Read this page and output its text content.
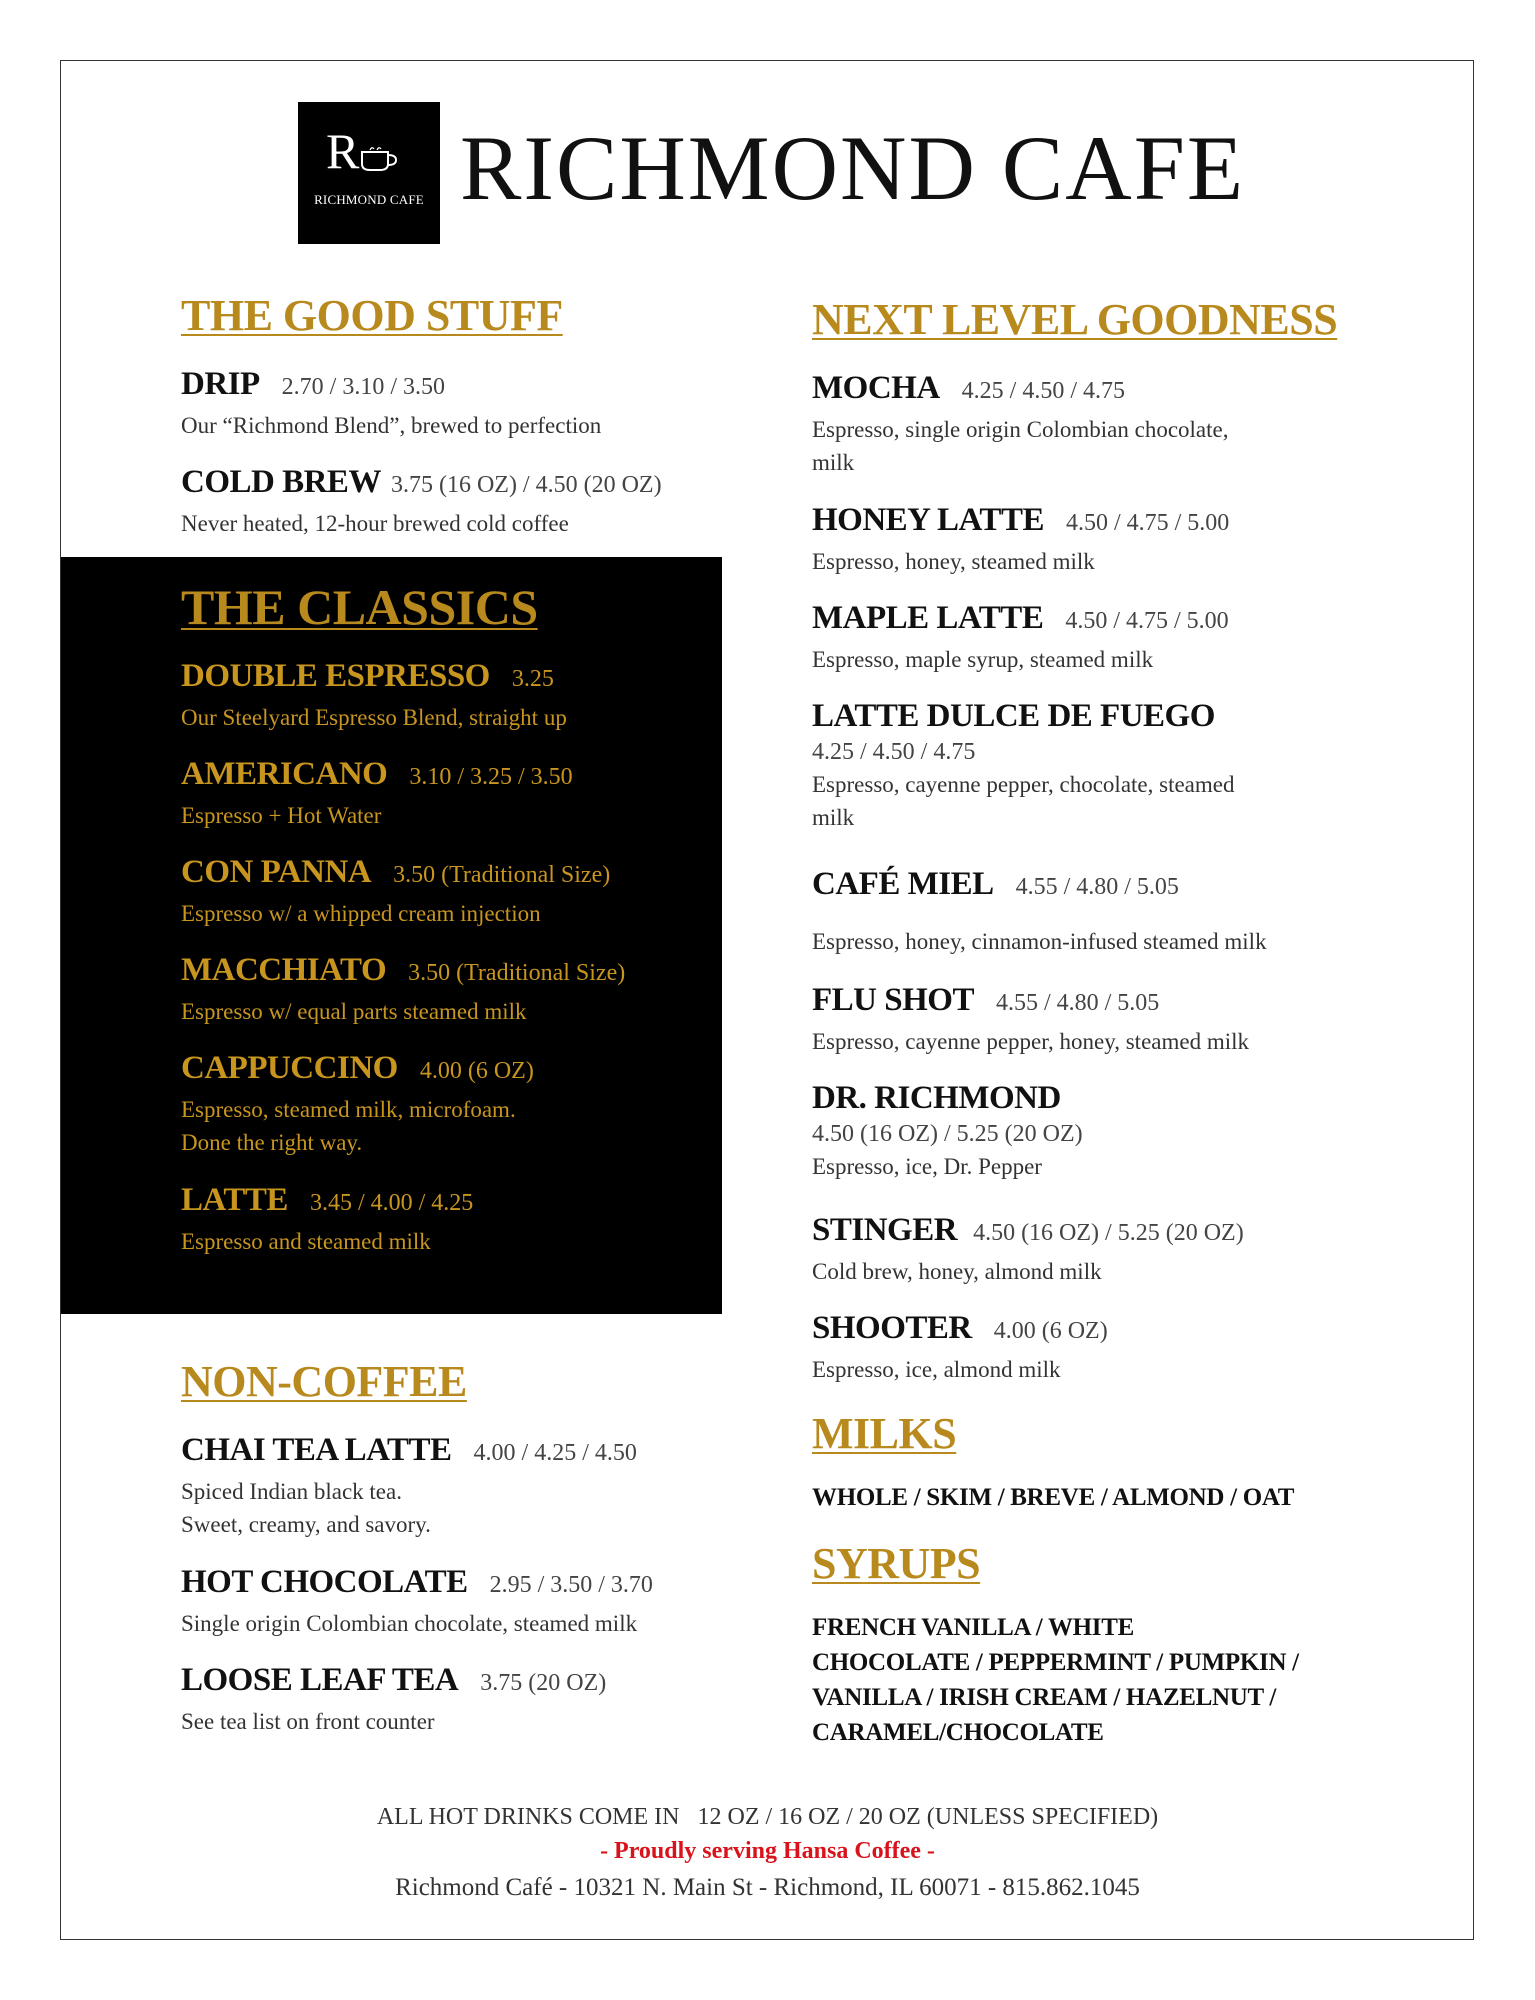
R
RICHMOND CAFE RICHMOND CAFE
THE GOOD STUFF
DRIP 2.70 / 3.10 / 3.50
Our “Richmond Blend”, brewed to perfection
COLD BREW 3.75 (16 OZ) / 4.50 (20 OZ)
Never heated, 12-hour brewed cold coffee
THE CLASSICS
DOUBLE ESPRESSO 3.25
Our Steelyard Espresso Blend, straight up
AMERICANO 3.10 / 3.25 / 3.50
Espresso + Hot Water
CON PANNA 3.50 (Traditional Size)
Espresso w/ a whipped cream injection
MACCHIATO 3.50 (Traditional Size)
Espresso w/ equal parts steamed milk
CAPPUCCINO 4.00 (6 OZ)
Espresso, steamed milk, microfoam.
Done the right way.
LATTE 3.45 / 4.00 / 4.25
Espresso and steamed milk
NON-COFFEE
CHAI TEA LATTE 4.00 / 4.25 / 4.50
Spiced Indian black tea.
Sweet, creamy, and savory.
HOT CHOCOLATE 2.95 / 3.50 / 3.70
Single origin Colombian chocolate, steamed milk
LOOSE LEAF TEA 3.75 (20 OZ)
See tea list on front counter
NEXT LEVEL GOODNESS
MOCHA 4.25 / 4.50 / 4.75
Espresso, single origin Colombian chocolate,
milk
HONEY LATTE 4.50 / 4.75 / 5.00
Espresso, honey, steamed milk
MAPLE LATTE 4.50 / 4.75 / 5.00
Espresso, maple syrup, steamed milk
LATTE DULCE DE FUEGO
4.25 / 4.50 / 4.75
Espresso, cayenne pepper, chocolate, steamed
milk
CAFÉ MIEL 4.55 / 4.80 / 5.05
Espresso, honey, cinnamon-infused steamed milk
FLU SHOT 4.55 / 4.80 / 5.05
Espresso, cayenne pepper, honey, steamed milk
DR. RICHMOND
4.50 (16 OZ) / 5.25 (20 OZ)
Espresso, ice, Dr. Pepper
STINGER 4.50 (16 OZ) / 5.25 (20 OZ)
Cold brew, honey, almond milk
SHOOTER 4.00 (6 OZ)
Espresso, ice, almond milk
MILKS
WHOLE / SKIM / BREVE / ALMOND / OAT
SYRUPS
FRENCH VANILLA / WHITE
CHOCOLATE / PEPPERMINT / PUMPKIN /
VANILLA / IRISH CREAM / HAZELNUT /
CARAMEL/CHOCOLATE
ALL HOT DRINKS COME IN   12 OZ / 16 OZ / 20 OZ (UNLESS SPECIFIED)
- Proudly serving Hansa Coffee -
Richmond Café - 10321 N. Main St - Richmond, IL 60071 - 815.862.1045
